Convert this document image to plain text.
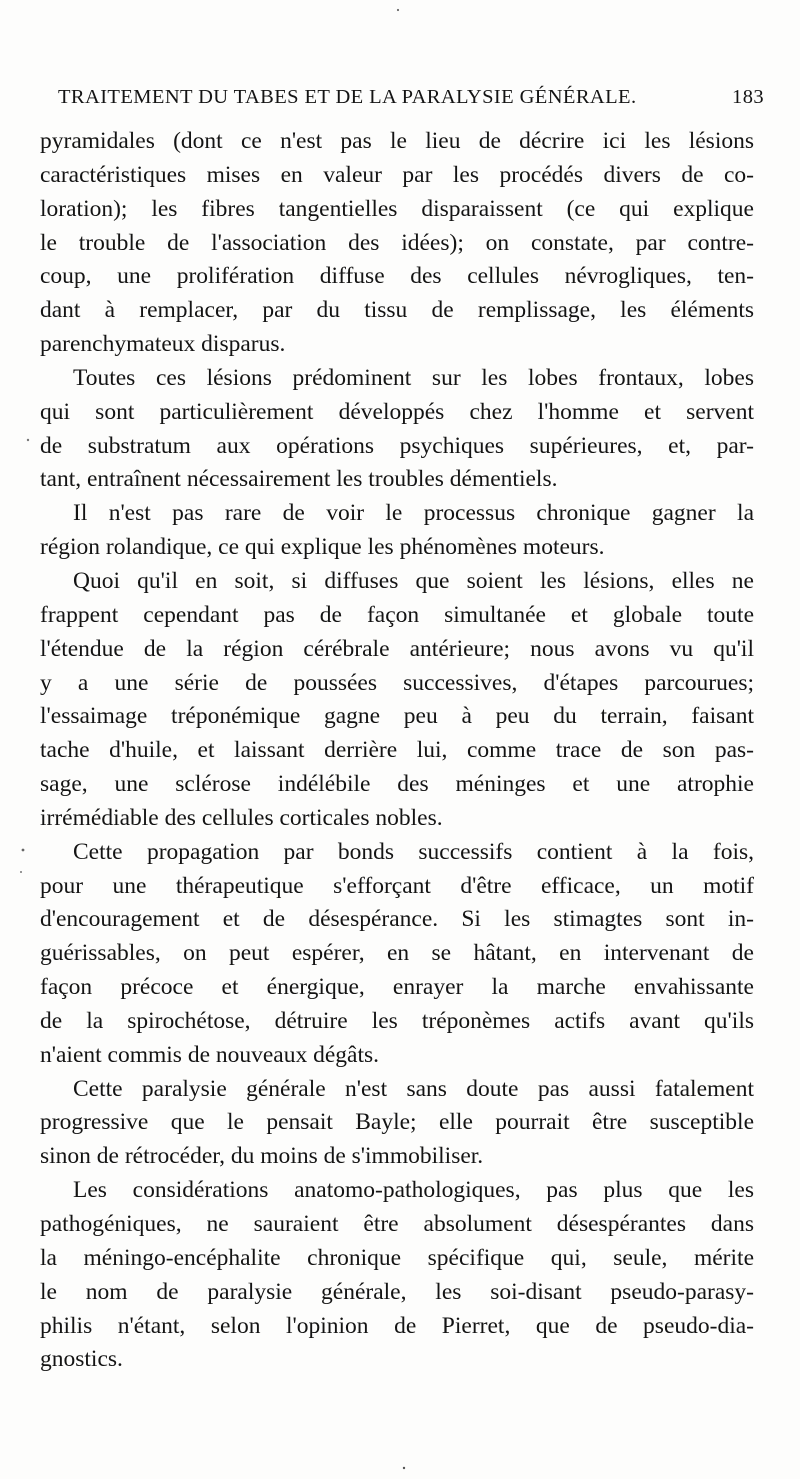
TRAITEMENT DU TABES ET DE LA PARALYSIE GÉNÉRALE.	183
pyramidales (dont ce n'est pas le lieu de décrire ici les lésions
caractéristiques mises en valeur par les procédés divers de co-
loration); les fibres tangentielles disparaissent (ce qui explique
le trouble de l'association des idées); on constate, par contre-
coup, une prolifération diffuse des cellules névrogliques, ten-
dant à remplacer, par du tissu de remplissage, les éléments
parenchymateux disparus.
Toutes ces lésions prédominent sur les lobes frontaux, lobes
qui sont particulièrement développés chez l'homme et servent
de substratum aux opérations psychiques supérieures, et, par-
tant, entraînent nécessairement les troubles démentiels.
Il n'est pas rare de voir le processus chronique gagner la
région rolandique, ce qui explique les phénomènes moteurs.
Quoi qu'il en soit, si diffuses que soient les lésions, elles ne
frappent cependant pas de façon simultanée et globale toute
l'étendue de la région cérébrale antérieure; nous avons vu qu'il
y a une série de poussées successives, d'étapes parcourues;
l'essaimage tréponémique gagne peu à peu du terrain, faisant
tache d'huile, et laissant derrière lui, comme trace de son pas-
sage, une sclérose indélébile des méninges et une atrophie
irrémédiable des cellules corticales nobles.
Cette propagation par bonds successifs contient à la fois,
pour une thérapeutique s'efforçant d'être efficace, un motif
d'encouragement et de désespérance. Si les stimagtes sont in-
guérissables, on peut espérer, en se hâtant, en intervenant de
façon précoce et énergique, enrayer la marche envahissante
de la spirochétose, détruire les tréponèmes actifs avant qu'ils
n'aient commis de nouveaux dégâts.
Cette paralysie générale n'est sans doute pas aussi fatalement
progressive que le pensait Bayle; elle pourrait être susceptible
sinon de rétrocéder, du moins de s'immobiliser.
Les considérations anatomo-pathologiques, pas plus que les
pathogéniques, ne sauraient être absolument désespérantes dans
la méningo-encéphalite chronique spécifique qui, seule, mérite
le nom de paralysie générale, les soi-disant pseudo-parasy-
philis n'étant, selon l'opinion de Pierret, que de pseudo-dia-
gnostics.
